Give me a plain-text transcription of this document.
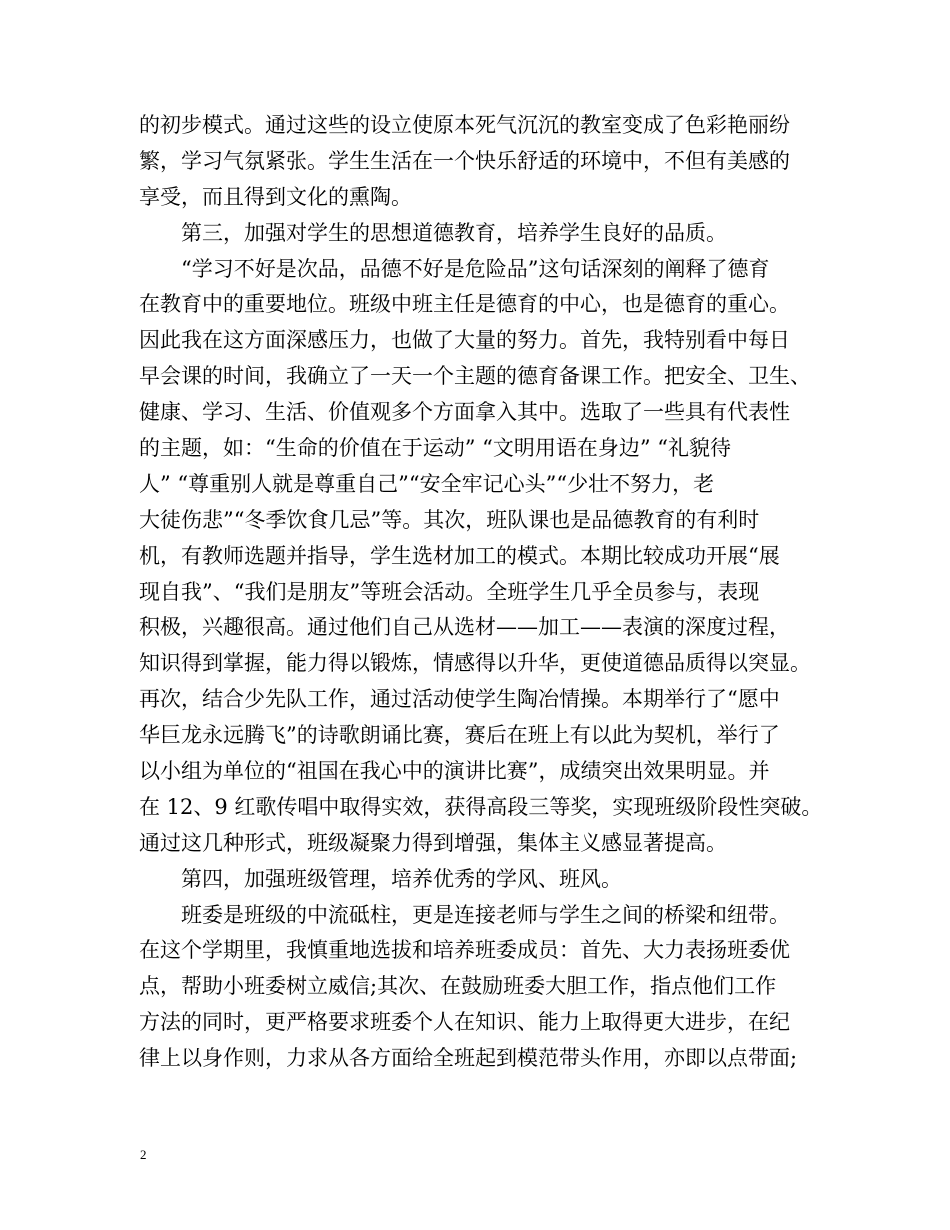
的初步模式。通过这些的设立使原本死气沉沉的教室变成了色彩艳丽纷
繁，学习气氛紧张。学生生活在一个快乐舒适的环境中，不但有美感的
享受，而且得到文化的熏陶。
第三，加强对学生的思想道德教育，培养学生良好的品质。
“学习不好是次品，品德不好是危险品”这句话深刻的阐释了德育
在教育中的重要地位。班级中班主任是德育的中心，也是德育的重心。
因此我在这方面深感压力，也做了大量的努力。首先，我特别看中每日
早会课的时间，我确立了一天一个主题的德育备课工作。把安全、卫生、
健康、学习、生活、价值观多个方面拿入其中。选取了一些具有代表性
的主题，如：“生命的价值在于运动” “文明用语在身边” “礼貌待
人” “尊重别人就是尊重自己”“安全牢记心头”“少壮不努力，老
大徒伤悲”“冬季饮食几忌”等。其次，班队课也是品德教育的有利时
机，有教师选题并指导，学生选材加工的模式。本期比较成功开展“展
现自我”、“我们是朋友”等班会活动。全班学生几乎全员参与，表现
积极，兴趣很高。通过他们自己从选材——加工——表演的深度过程，
知识得到掌握，能力得以锻炼，情感得以升华，更使道德品质得以突显。
再次，结合少先队工作，通过活动使学生陶冶情操。本期举行了“愿中
华巨龙永远腾飞”的诗歌朗诵比赛，赛后在班上有以此为契机，举行了
以小组为单位的“祖国在我心中的演讲比赛”，成绩突出效果明显。并
在 12、9 红歌传唱中取得实效，获得高段三等奖，实现班级阶段性突破。
通过这几种形式，班级凝聚力得到增强，集体主义感显著提高。
第四，加强班级管理，培养优秀的学风、班风。
班委是班级的中流砥柱，更是连接老师与学生之间的桥梁和纽带。
在这个学期里，我慎重地选拔和培养班委成员：首先、大力表扬班委优
点，帮助小班委树立威信;其次、在鼓励班委大胆工作，指点他们工作
方法的同时，更严格要求班委个人在知识、能力上取得更大进步，在纪
律上以身作则，力求从各方面给全班起到模范带头作用，亦即以点带面;
2
